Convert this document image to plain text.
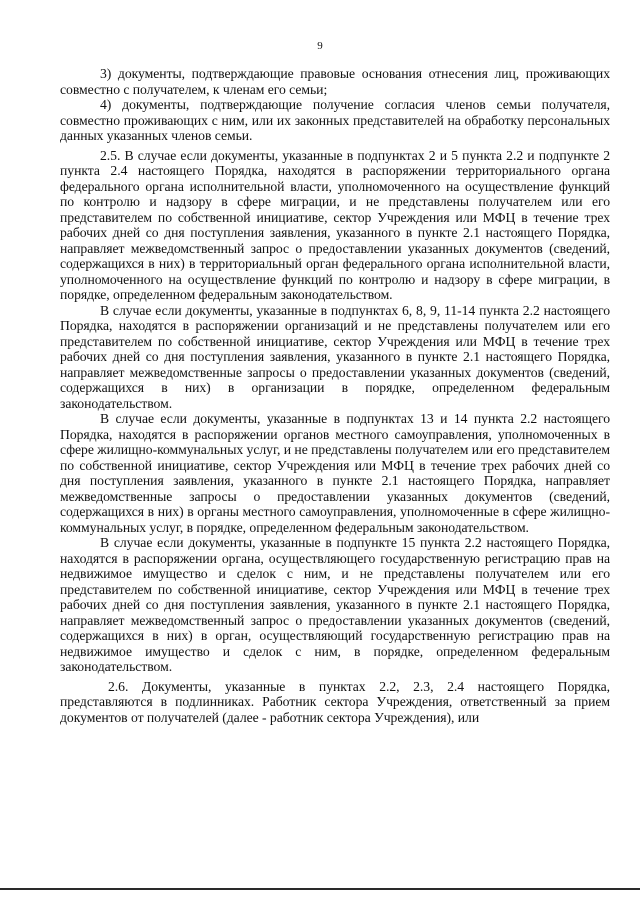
9

3) документы, подтверждающие правовые основания отнесения лиц, проживающих совместно с получателем, к членам его семьи;

4) документы, подтверждающие получение согласия членов семьи получателя, совместно проживающих с ним, или их законных представителей на обработку персональных данных указанных членов семьи.

2.5. В случае если документы, указанные в подпунктах 2 и 5 пункта 2.2 и подпункте 2 пункта 2.4 настоящего Порядка, находятся в распоряжении территориального органа федерального органа исполнительной власти, уполномоченного на осуществление функций по контролю и надзору в сфере миграции, и не представлены получателем или его представителем по собственной инициативе, сектор Учреждения или МФЦ в течение трех рабочих дней со дня поступления заявления, указанного в пункте 2.1 настоящего Порядка, направляет межведомственный запрос о предоставлении указанных документов (сведений, содержащихся в них) в территориальный орган федерального органа исполнительной власти, уполномоченного на осуществление функций по контролю и надзору в сфере миграции, в порядке, определенном федеральным законодательством.

В случае если документы, указанные в подпунктах 6, 8, 9, 11-14 пункта 2.2 настоящего Порядка, находятся в распоряжении организаций и не представлены получателем или его представителем по собственной инициативе, сектор Учреждения или МФЦ в течение трех рабочих дней со дня поступления заявления, указанного в пункте 2.1 настоящего Порядка, направляет межведомственные запросы о предоставлении указанных документов (сведений, содержащихся в них) в организации в порядке, определенном федеральным законодательством.

В случае если документы, указанные в подпунктах 13 и 14 пункта 2.2 настоящего Порядка, находятся в распоряжении органов местного самоуправления, уполномоченных в сфере жилищно-коммунальных услуг, и не представлены получателем или его представителем по собственной инициативе, сектор Учреждения или МФЦ в течение трех рабочих дней со дня поступления заявления, указанного в пункте 2.1 настоящего Порядка, направляет межведомственные запросы о предоставлении указанных документов (сведений, содержащихся в них) в органы местного самоуправления, уполномоченные в сфере жилищно-коммунальных услуг, в порядке, определенном федеральным законодательством.

В случае если документы, указанные в подпункте 15 пункта 2.2 настоящего Порядка, находятся в распоряжении органа, осуществляющего государственную регистрацию прав на недвижимое имущество и сделок с ним, и не представлены получателем или его представителем по собственной инициативе, сектор Учреждения или МФЦ в течение трех рабочих дней со дня поступления заявления, указанного в пункте 2.1 настоящего Порядка, направляет межведомственный запрос о предоставлении указанных документов (сведений, содержащихся в них) в орган, осуществляющий государственную регистрацию прав на недвижимое имущество и сделок с ним, в порядке, определенном федеральным законодательством.

2.6. Документы, указанные в пунктах 2.2, 2.3, 2.4 настоящего Порядка, представляются в подлинниках. Работник сектора Учреждения, ответственный за прием документов от получателей (далее - работник сектора Учреждения), или
